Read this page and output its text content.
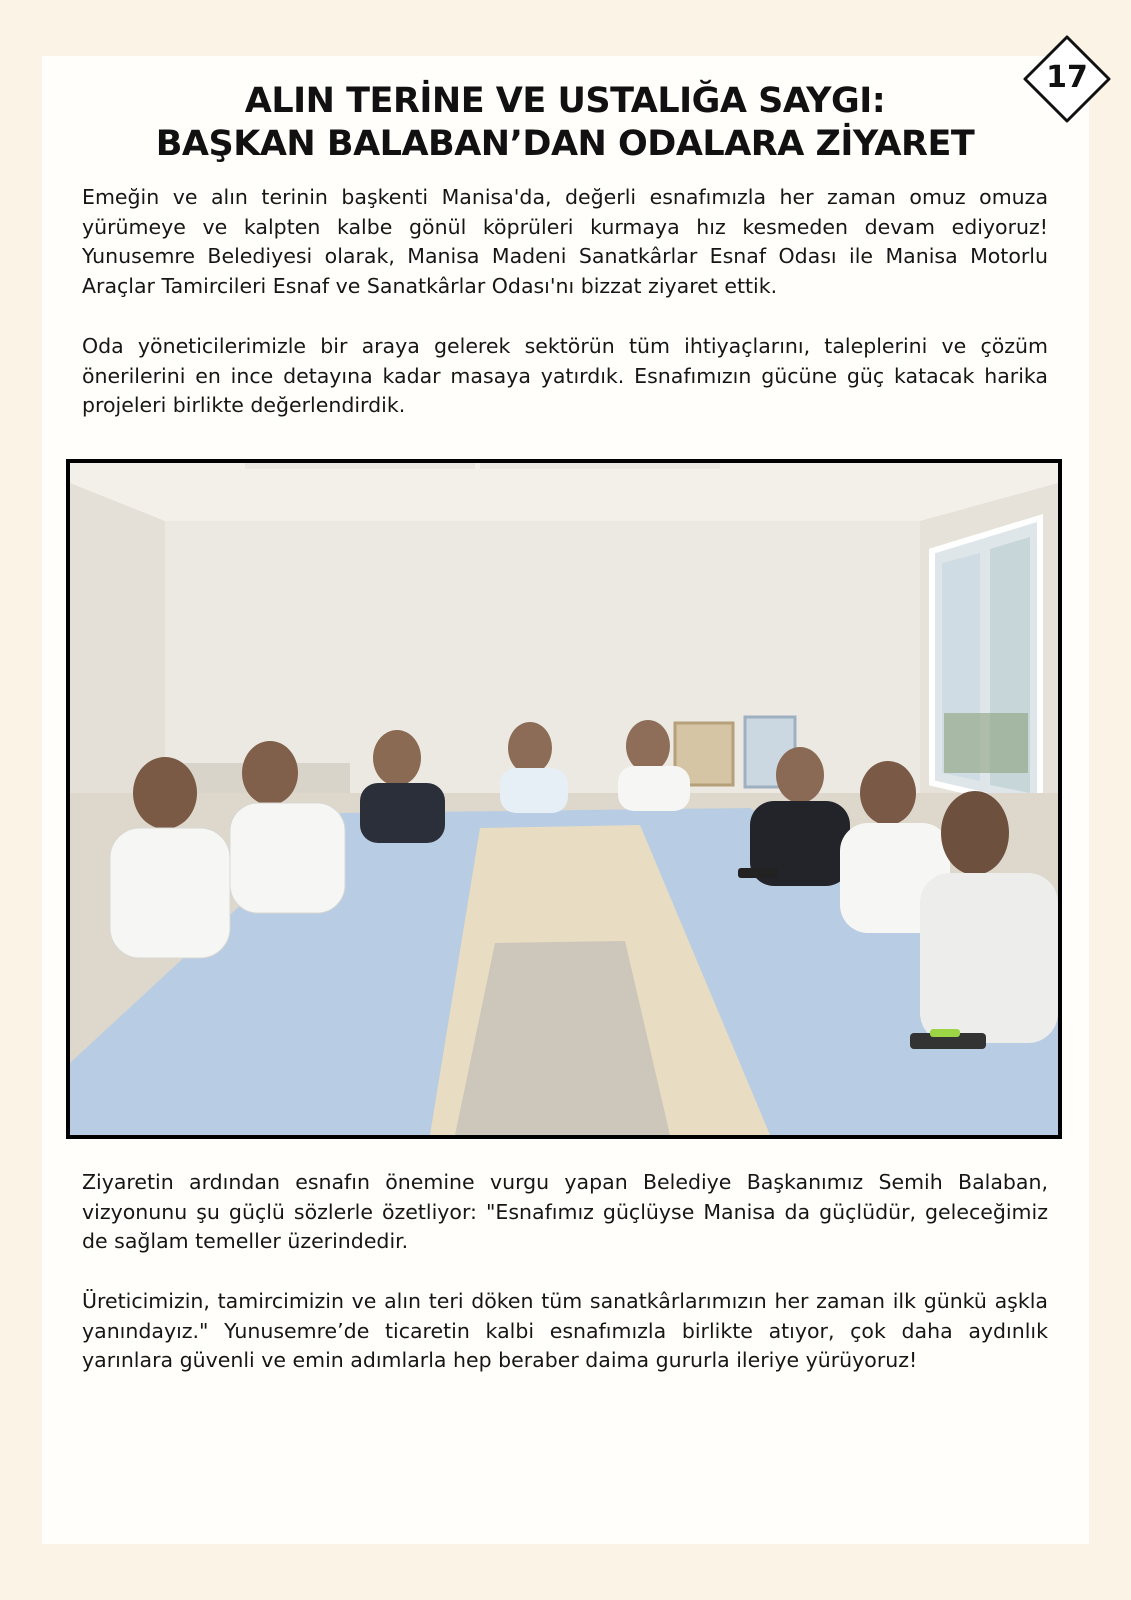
17
ALIN TERİNE VE USTALIĞA SAYGI:
BAŞKAN BALABAN’DAN ODALARA ZİYARET

Emeğin ve alın terinin başkenti Manisa'da, değerli esnafımızla her zaman omuz omuza yürümeye ve kalpten kalbe gönül köprüleri kurmaya hız kesmeden devam ediyoruz! Yunusemre Belediyesi olarak, Manisa Madeni Sanatkârlar Esnaf Odası ile Manisa Motorlu Araçlar Tamircileri Esnaf ve Sanatkârlar Odası'nı bizzat ziyaret ettik.

Oda yöneticilerimizle bir araya gelerek sektörün tüm ihtiyaçlarını, taleplerini ve çözüm önerilerini en ince detayına kadar masaya yatırdık. Esnafımızın gücüne güç katacak harika projeleri birlikte değerlendirdik.

Ziyaretin ardından esnafın önemine vurgu yapan Belediye Başkanımız Semih Balaban, vizyonunu şu güçlü sözlerle özetliyor: "Esnafımız güçlüyse Manisa da güçlüdür, geleceğimiz de sağlam temeller üzerindedir.

Üreticimizin, tamircimizin ve alın teri döken tüm sanatkârlarımızın her zaman ilk günkü aşkla yanındayız." Yunusemre’de ticaretin kalbi esnafımızla birlikte atıyor, çok daha aydınlık yarınlara güvenli ve emin adımlarla hep beraber daima gururla ileriye yürüyoruz!
